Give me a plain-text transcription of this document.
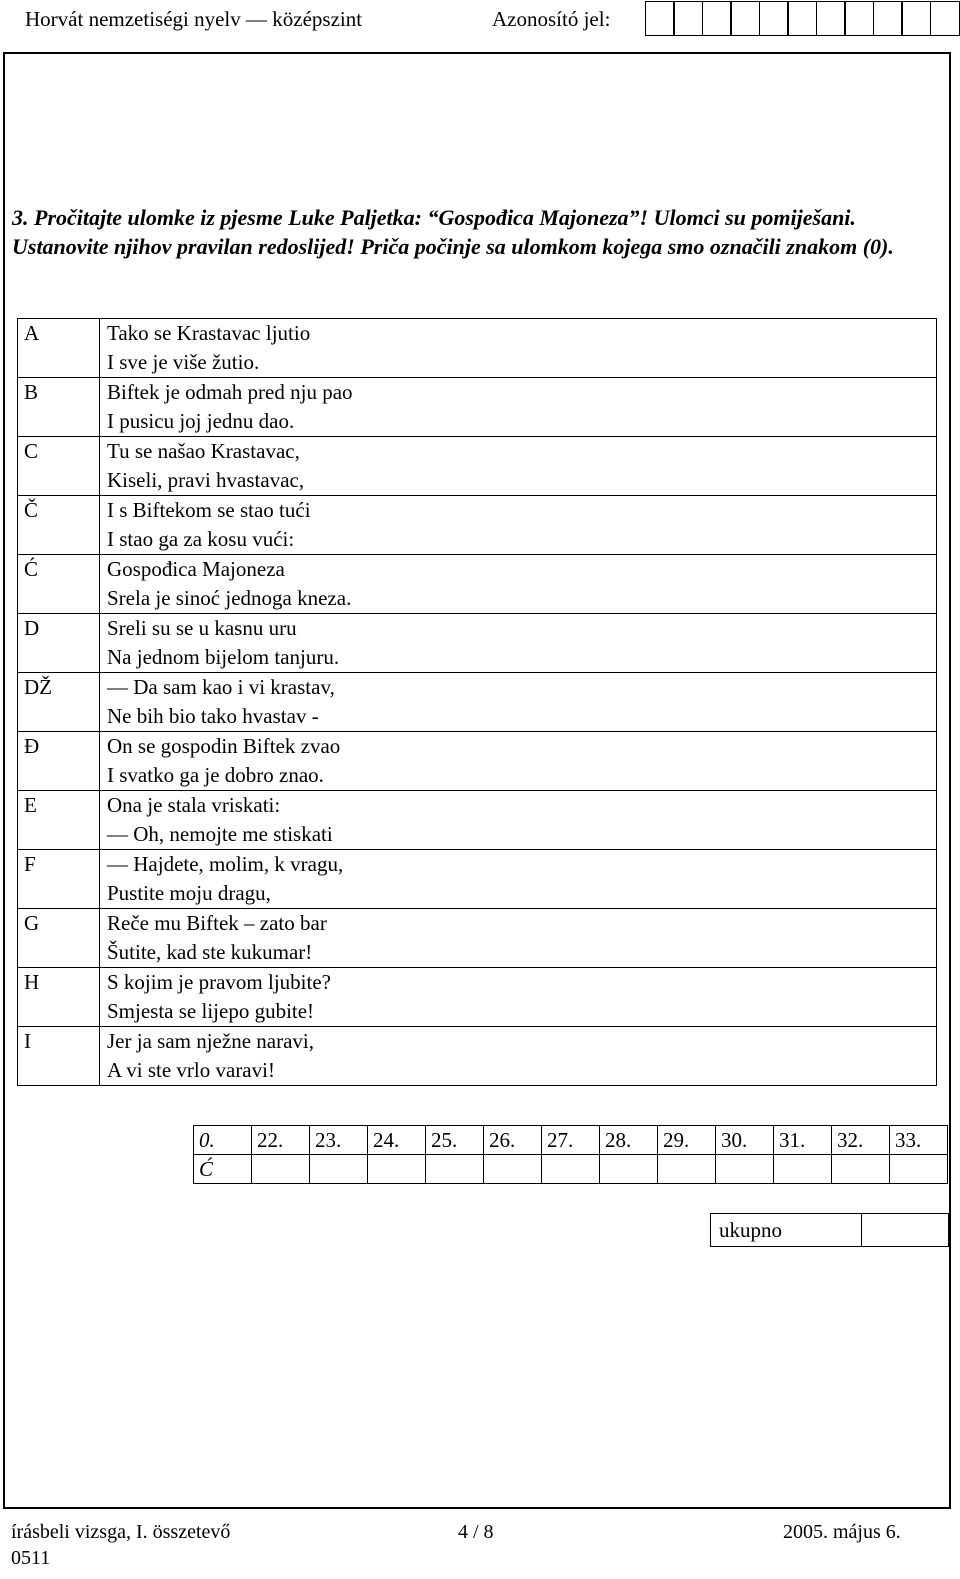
Horvát nemzetiségi nyelv — középszint	Azonosító jel:
3. Pročitajte ulomke iz pjesme Luke Paljetka: “Gospođica Majoneza”! Ulomci su pomiješani. Ustanovite njihov pravilan redoslijed! Priča počinje sa ulomkom kojega smo označili znakom (0).
A	Tako se Krastavac ljutio
I sve je više žutio.

B	Biftek je odmah pred nju pao
I pusicu joj jednu dao.

C	Tu se našao Krastavac,
Kiseli, pravi hvastavac,

Č	I s Biftekom se stao tući
I stao ga za kosu vući:

Ć	Gospođica Majoneza
Srela je sinoć jednoga kneza.

D	Sreli su se u kasnu uru
Na jednom bijelom tanjuru.

DŽ	— Da sam kao i vi krastav,
Ne bih bio tako hvastav -

Đ	On se gospodin Biftek zvao
I svatko ga je dobro znao.

E	Ona je stala vriskati:
— Oh, nemojte me stiskati

F	— Hajdete, molim, k vragu,
Pustite moju dragu,

G	Reče mu Biftek – zato bar
Šutite, kad ste kukumar!

H	S kojim je pravom ljubite?
Smjesta se lijepo gubite!

I	Jer ja sam nježne naravi,
A vi ste vrlo varavi!
0.	22.	23.	24.	25.	26.	27.	28.	29.	30.	31.	32.	33.
Ć												
ukupno	
írásbeli vizsga, I. összetevő
0511
4 / 8	2005. május 6.
